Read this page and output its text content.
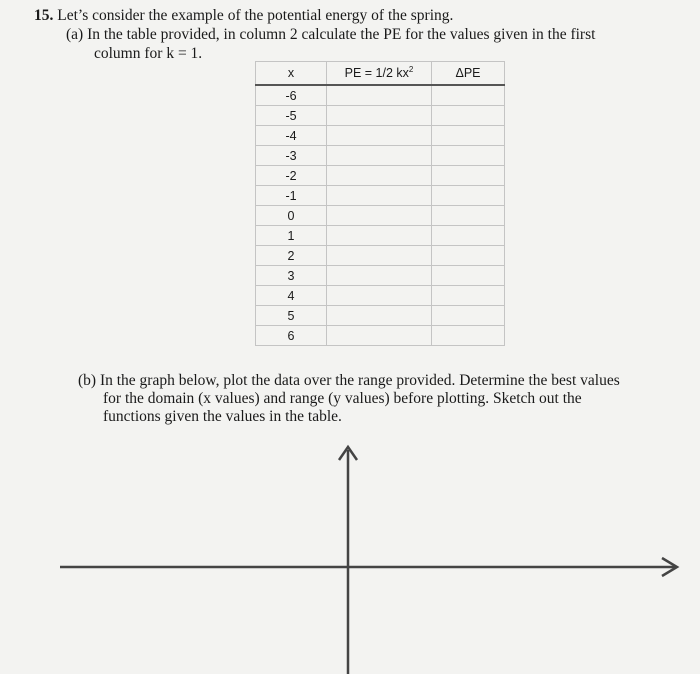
15. Let’s consider the example of the potential energy of the spring.
(a) In the table provided, in column 2 calculate the PE for the values given in the first
column for k = 1.
x	PE = 1/2 $kx^2$	ΔPE
-6		
-5		
-4		
-3		
-2		
-1		
0		
1		
2		
3		
4		
5		
6		
(b) In the graph below, plot the data over the range provided. Determine the best values
for the domain (x values) and range (y values) before plotting. Sketch out the
functions given the values in the table.
